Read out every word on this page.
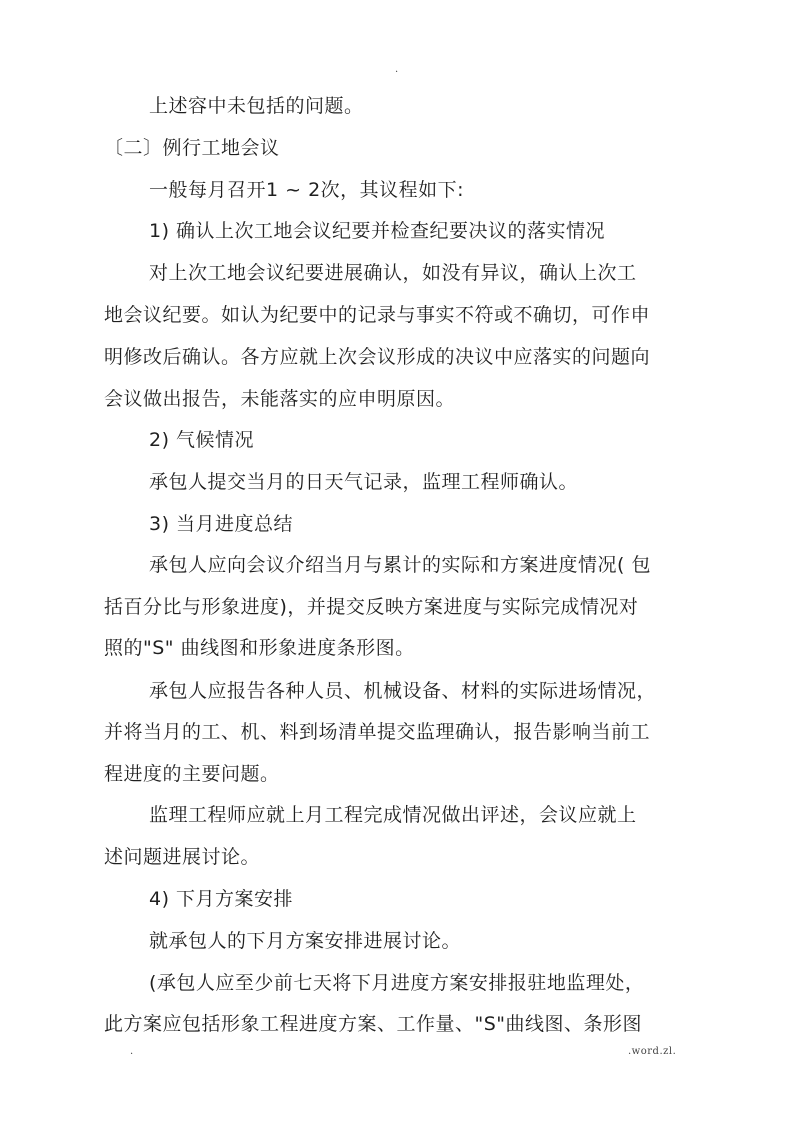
.
上述容中未包括的问题。
〔二〕例行工地会议
一般每月召开1 ~ 2次，其议程如下:
1) 确认上次工地会议纪要并检查纪要决议的落实情况
对上次工地会议纪要进展确认，如没有异议，确认上次工
地会议纪要。如认为纪要中的记录与事实不符或不确切，可作申
明修改后确认。各方应就上次会议形成的决议中应落实的问题向
会议做出报告，未能落实的应申明原因。
2) 气候情况
承包人提交当月的日天气记录，监理工程师确认。
3) 当月进度总结
承包人应向会议介绍当月与累计的实际和方案进度情况( 包
括百分比与形象进度)，并提交反映方案进度与实际完成情况对
照的"S" 曲线图和形象进度条形图。
承包人应报告各种人员、机械设备、材料的实际进场情况，
并将当月的工、机、料到场清单提交监理确认，报告影响当前工
程进度的主要问题。
监理工程师应就上月工程完成情况做出评述，会议应就上
述问题进展讨论。
4) 下月方案安排
就承包人的下月方案安排进展讨论。
(承包人应至少前七天将下月进度方案安排报驻地监理处，
此方案应包括形象工程进度方案、工作量、"S"曲线图、条形图
.	.word.zl.
